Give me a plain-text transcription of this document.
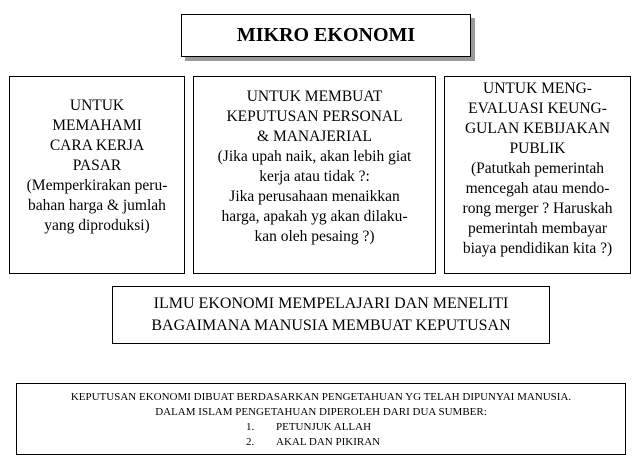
MIKRO EKONOMI
UNTUK
MEMAHAMI
CARA KERJA
PASAR
(Memperkirakan peru-
bahan harga & jumlah
yang diproduksi)
UNTUK MEMBUAT
KEPUTUSAN PERSONAL
& MANAJERIAL
(Jika upah naik, akan lebih giat
kerja atau tidak ?:
Jika perusahaan menaikkan
harga, apakah yg akan dilaku-
kan oleh pesaing ?)
UNTUK MENG-
EVALUASI KEUNG-
GULAN KEBIJAKAN
PUBLIK
(Patutkah pemerintah
mencegah atau mendo-
rong merger ? Haruskah
pemerintah membayar
biaya pendidikan kita ?)
ILMU EKONOMI MEMPELAJARI DAN MENELITI
BAGAIMANA MANUSIA MEMBUAT KEPUTUSAN
KEPUTUSAN EKONOMI DIBUAT BERDASARKAN PENGETAHUAN YG TELAH DIPUNYAI MANUSIA.
DALAM ISLAM PENGETAHUAN DIPEROLEH DARI DUA SUMBER:
1.	PETUNJUK ALLAH
2.	AKAL DAN PIKIRAN
